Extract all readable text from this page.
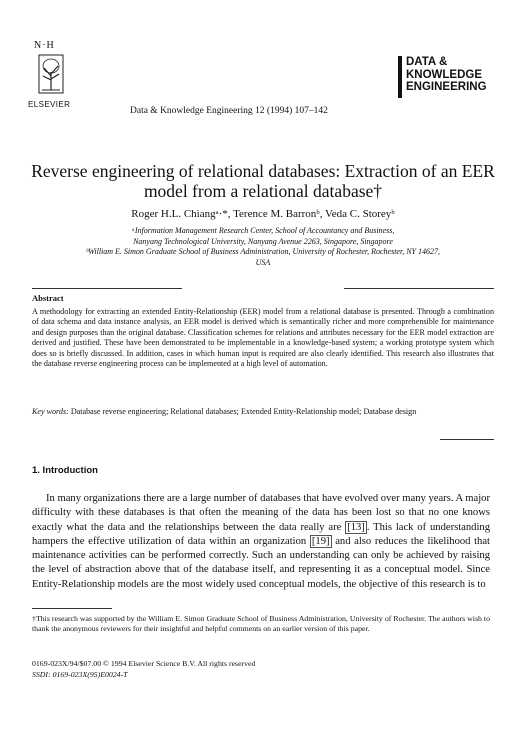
N·H
ELSEVIER
Data & Knowledge Engineering 12 (1994) 107–142
DATA &
KNOWLEDGE
ENGINEERING
Reverse engineering of relational databases: Extraction of an EER model from a relational database†
Roger H.L. Chiangᵃ·*, Terence M. Barronᵇ, Veda C. Storeyᵇ
ᵃInformation Management Research Center, School of Accountancy and Business,
Nanyang Technological University, Nanyang Avenue 2263, Singapore, Singapore
ᵇWilliam E. Simon Graduate School of Business Administration, University of Rochester, Rochester, NY 14627,
USA
Abstract
A methodology for extracting an extended Entity-Relationship (EER) model from a relational database is presented. Through a combination of data schema and data instance analysis, an EER model is derived which is semantically richer and more comprehensible for maintenance and design purposes than the original database. Classification schemes for relations and attributes necessary for the EER model extraction are derived and justified. These have been demonstrated to be implementable in a knowledge-based system; a working prototype system which does so is briefly discussed. In addition, cases in which human input is required are also clearly identified. This research also illustrates that the database reverse engineering process can be implemented at a high level of automation.
Key words: Database reverse engineering; Relational databases; Extended Entity-Relationship model; Database design
1. Introduction
In many organizations there are a large number of databases that have evolved over many years. A major difficulty with these databases is that often the meaning of the data has been lost so that no one knows exactly what the data and the relationships between the data really are [13] . This lack of understanding hampers the effective utilization of data within an organization [19] and also reduces the likelihood that maintenance activities can be performed correctly. Such an understanding can only be achieved by raising the level of abstraction above that of the database itself, and representing it as a conceptual model. Since Entity-Relationship models are the most widely used conceptual models, the objective of this research is to
†This research was supported by the William E. Simon Graduate School of Business Administration, University of Rochester. The authors wish to thank the anonymous reviewers for their insightful and helpful comments on an earlier version of this paper.
0169-023X/94/$07.00 © 1994 Elsevier Science B.V. All rights reserved
SSDI: 0169-023X(95)E0024-T
